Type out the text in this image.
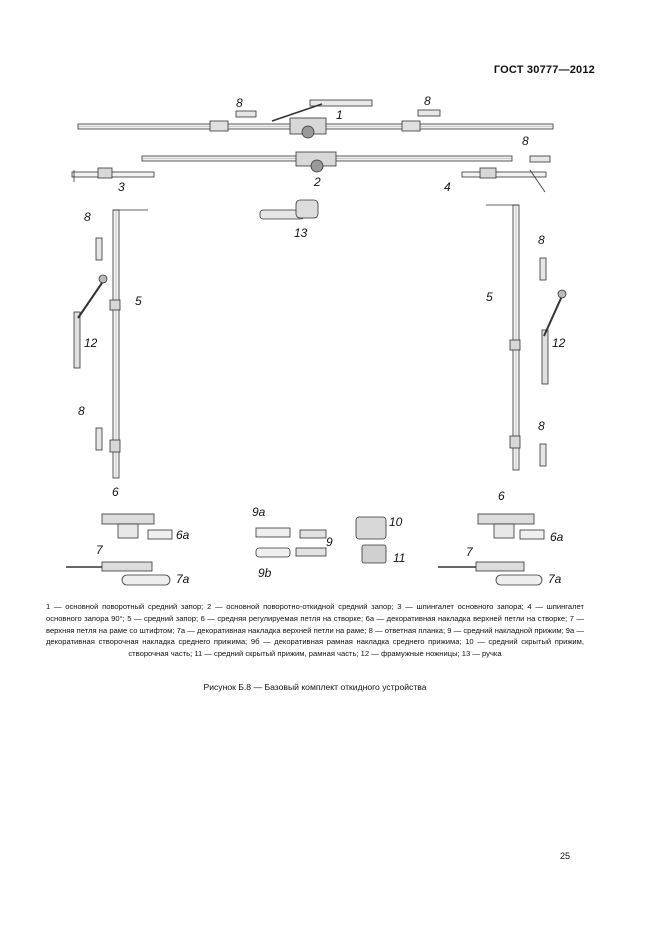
ГОСТ 30777—2012
1
2
3	4
8	8
8
13
8
8
5	5
12	12
8
8
6	6
6а	6а
7	7
7а	7а
9а
9
9b
10
11

1 — основной поворотный средний запор; 2 — основной поворотно-откидной средний запор; 3 — шпингалет основного запора; 4 — шпингалет основного запора 90°; 5 — средний запор; 6 — средняя регулируемая петля на створке; 6а — декоративная накладка верхней петли на створке; 7 — верхняя петля на раме со штифтом; 7а — декоративная накладка верхней петли на раме; 8 — ответная планка; 9 — средний накладной прижим; 9а — декоративная створочная накладка среднего прижима; 9б — декоративная рамная накладка среднего прижима; 10 — средний скрытый прижим, створочная часть; 11 — средний скрытый прижим, рамная часть; 12 — фрамужные ножницы; 13 — ручка

Рисунок Б.8 — Базовый комплект откидного устройства
25
